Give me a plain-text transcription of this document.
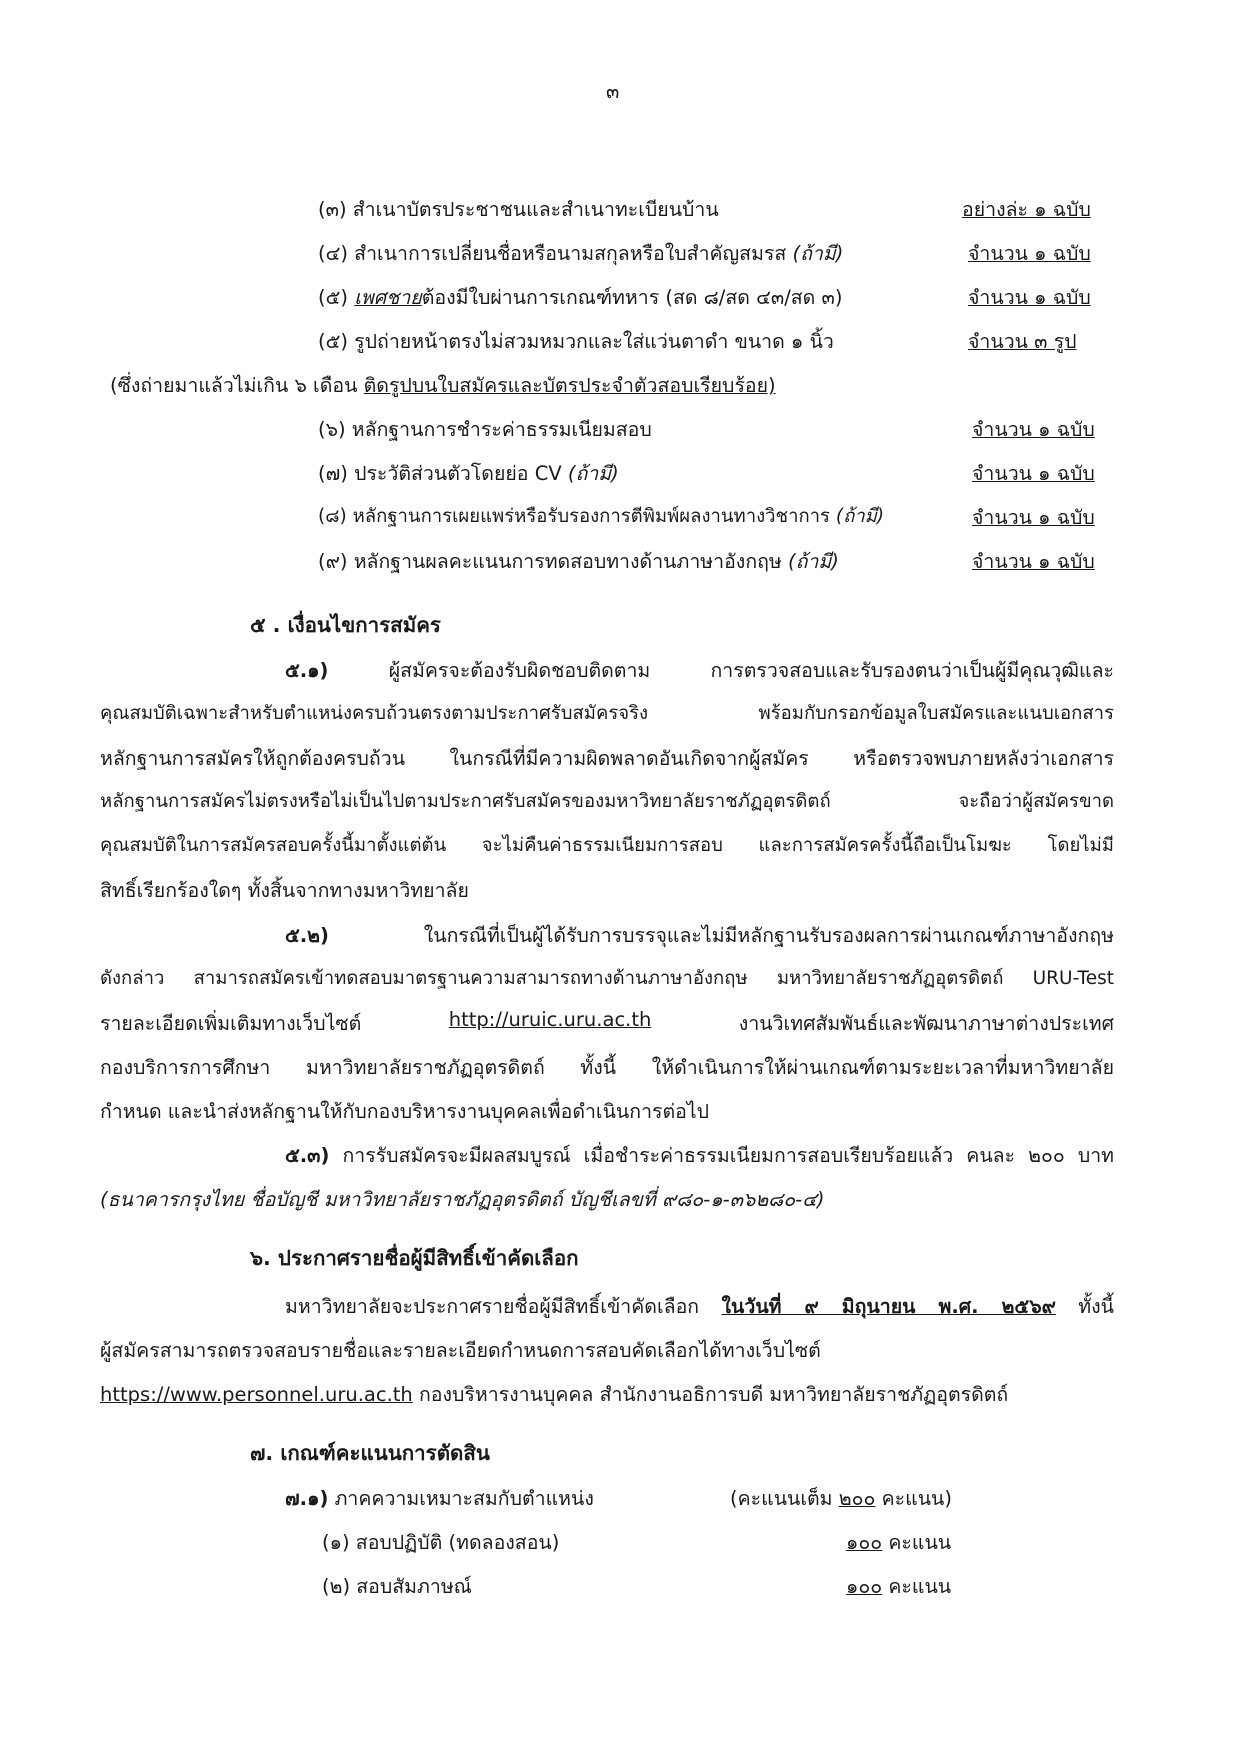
๓
(๓) สำเนาบัตรประชาชนและสำเนาทะเบียนบ้าน	อย่างล่ะ ๑ ฉบับ
(๔) สำเนาการเปลี่ยนชื่อหรือนามสกุลหรือใบสำคัญสมรส (ถ้ามี)	จำนวน ๑ ฉบับ
(๕) เพศชายต้องมีใบผ่านการเกณฑ์ทหาร (สด ๘/สด ๔๓/สด ๓)	จำนวน ๑ ฉบับ
(๕) รูปถ่ายหน้าตรงไม่สวมหมวกและใส่แว่นตาดำ ขนาด ๑ นิ้ว	จำนวน ๓ รูป
(ซึ่งถ่ายมาแล้วไม่เกิน ๖ เดือน ติดรูปบนใบสมัครและบัตรประจำตัวสอบเรียบร้อย)
(๖) หลักฐานการชำระค่าธรรมเนียมสอบ	จำนวน ๑ ฉบับ
(๗) ประวัติส่วนตัวโดยย่อ CV (ถ้ามี)	จำนวน ๑ ฉบับ
(๘) หลักฐานการเผยแพร่หรือรับรองการตีพิมพ์ผลงานทางวิชาการ (ถ้ามี)	จำนวน ๑ ฉบับ
(๙) หลักฐานผลคะแนนการทดสอบทางด้านภาษาอังกฤษ (ถ้ามี)	จำนวน ๑ ฉบับ
๕ . เงื่อนไขการสมัคร
๕.๑) ผู้สมัครจะต้องรับผิดชอบติดตาม การตรวจสอบและรับรองตนว่าเป็นผู้มีคุณวุฒิและ
คุณสมบัติเฉพาะสำหรับตำแหน่งครบถ้วนตรงตามประกาศรับสมัครจริง พร้อมกับกรอกข้อมูลใบสมัครและแนบเอกสาร
หลักฐานการสมัครให้ถูกต้องครบถ้วน ในกรณีที่มีความผิดพลาดอันเกิดจากผู้สมัคร หรือตรวจพบภายหลังว่าเอกสาร
หลักฐานการสมัครไม่ตรงหรือไม่เป็นไปตามประกาศรับสมัครของมหาวิทยาลัยราชภัฏอุตรดิตถ์ จะถือว่าผู้สมัครขาด
คุณสมบัติในการสมัครสอบครั้งนี้มาตั้งแต่ต้น จะไม่คืนค่าธรรมเนียมการสอบ และการสมัครครั้งนี้ถือเป็นโมฆะ โดยไม่มี
สิทธิ์เรียกร้องใดๆ ทั้งสิ้นจากทางมหาวิทยาลัย
๕.๒) ในกรณีที่เป็นผู้ได้รับการบรรจุและไม่มีหลักฐานรับรองผลการผ่านเกณฑ์ภาษาอังกฤษ
ดังกล่าว สามารถสมัครเข้าทดสอบมาตรฐานความสามารถทางด้านภาษาอังกฤษ มหาวิทยาลัยราชภัฏอุตรดิตถ์ URU-Test
รายละเอียดเพิ่มเติมทางเว็บไซต์	http://uruic.uru.ac.th	งานวิเทศสัมพันธ์และพัฒนาภาษาต่างประเทศ
กองบริการการศึกษา มหาวิทยาลัยราชภัฏอุตรดิตถ์ ทั้งนี้ ให้ดำเนินการให้ผ่านเกณฑ์ตามระยะเวลาที่มหาวิทยาลัย
กำหนด และนำส่งหลักฐานให้กับกองบริหารงานบุคคลเพื่อดำเนินการต่อไป
๕.๓) การรับสมัครจะมีผลสมบูรณ์ เมื่อชำระค่าธรรมเนียมการสอบเรียบร้อยแล้ว คนละ ๒๐๐ บาท
(ธนาคารกรุงไทย ชื่อบัญชี มหาวิทยาลัยราชภัฏอุตรดิตถ์ บัญชีเลขที่ ๙๘๐-๑-๓๖๒๘๐-๔)
๖. ประกาศรายชื่อผู้มีสิทธิ์เข้าคัดเลือก
มหาวิทยาลัยจะประกาศรายชื่อผู้มีสิทธิ์เข้าคัดเลือก ในวันที่ ๙ มิถุนายน พ.ศ. ๒๕๖๙ ทั้งนี้
ผู้สมัครสามารถตรวจสอบรายชื่อและรายละเอียดกำหนดการสอบคัดเลือกได้ทางเว็บไซต์
https://www.personnel.uru.ac.th กองบริหารงานบุคคล สำนักงานอธิการบดี มหาวิทยาลัยราชภัฏอุตรดิตถ์
๗. เกณฑ์คะแนนการตัดสิน
๗.๑) ภาคความเหมาะสมกับตำแหน่ง	(คะแนนเต็ม ๒๐๐ คะแนน)
(๑) สอบปฏิบัติ (ทดลองสอน)	๑๐๐ คะแนน
(๒) สอบสัมภาษณ์	๑๐๐ คะแนน
